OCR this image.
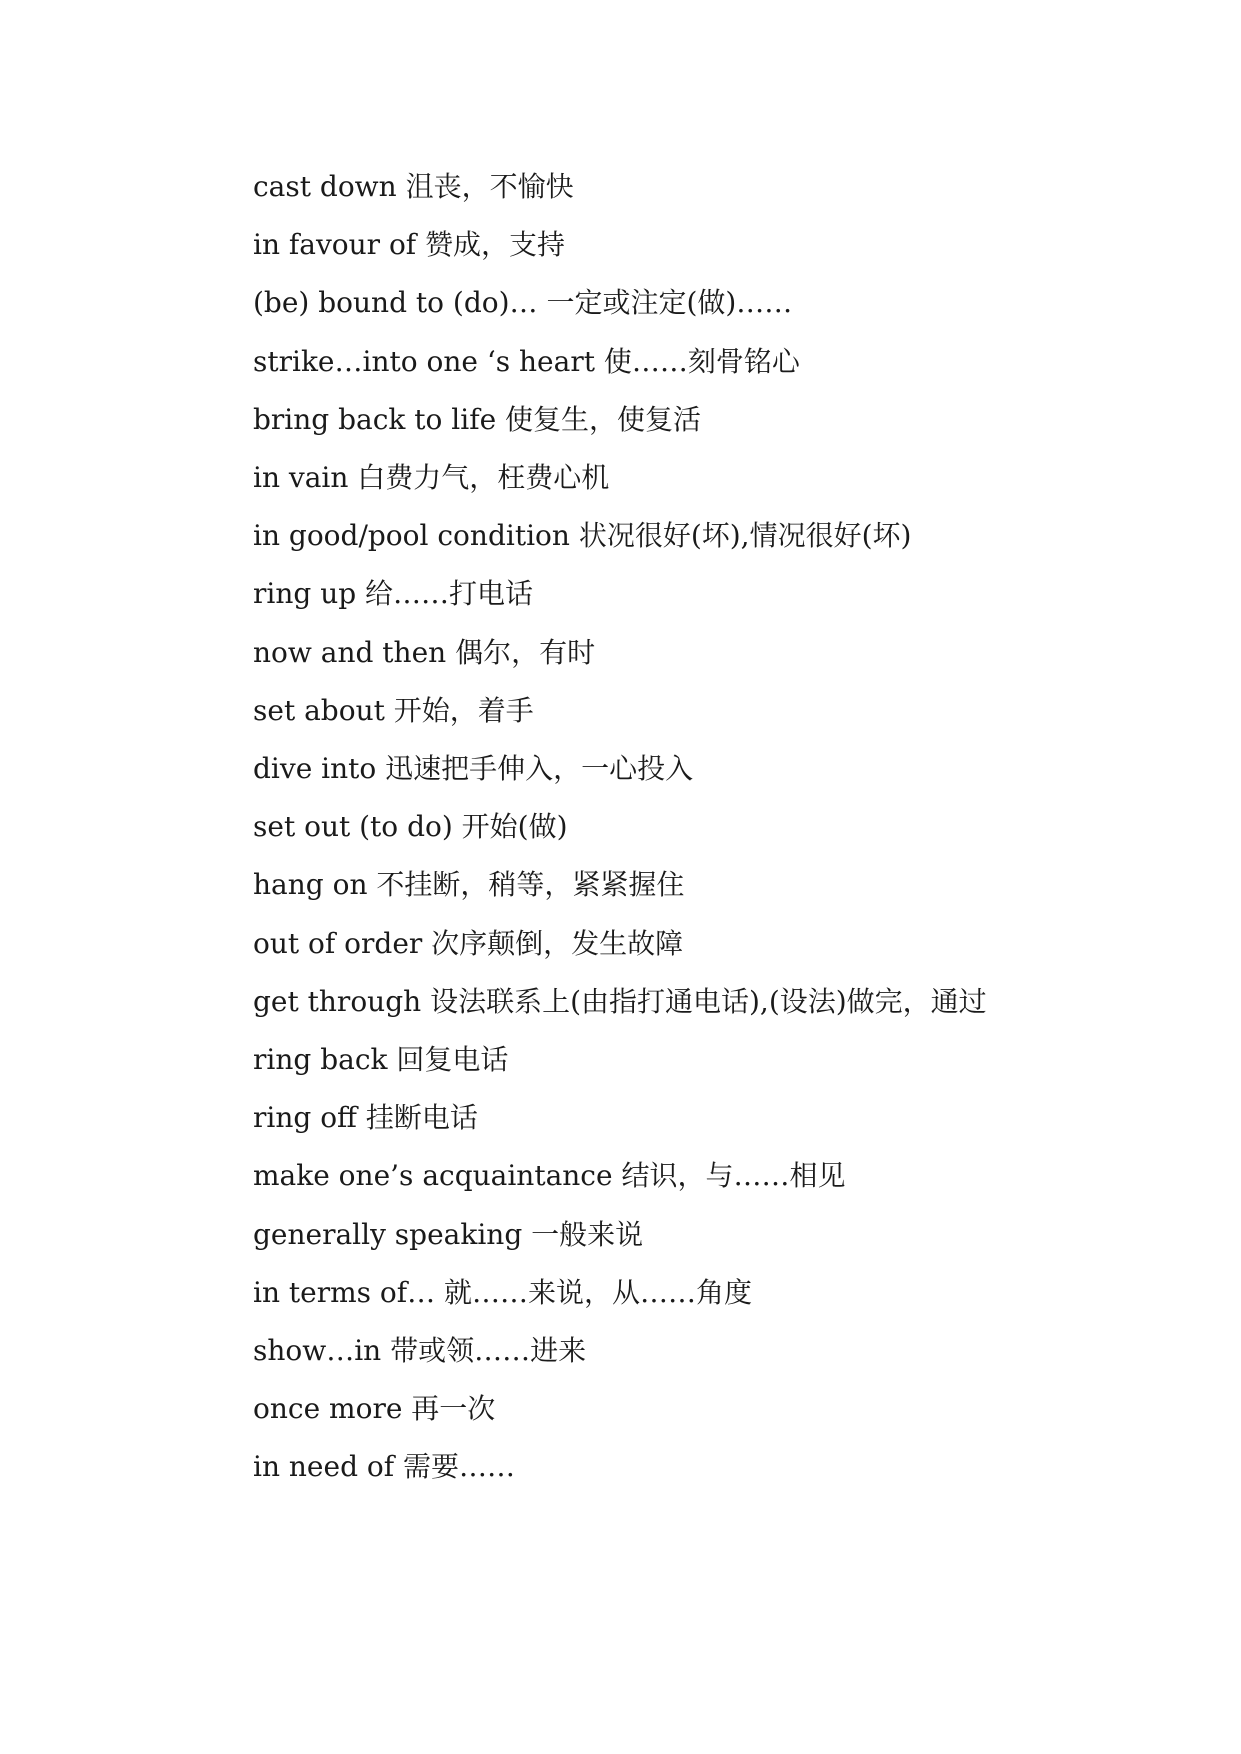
cast down 沮丧，不愉快
in favour of 赞成，支持
(be) bound to (do)… 一定或注定(做)……
strike…into one ‘s heart 使……刻骨铭心
bring back to life 使复生，使复活
in vain 白费力气，枉费心机
in good/pool condition 状况很好(坏),情况很好(坏)
ring up 给……打电话
now and then 偶尔，有时
set about 开始，着手
dive into 迅速把手伸入，一心投入
set out (to do) 开始(做)
hang on 不挂断，稍等，紧紧握住
out of order 次序颠倒，发生故障
get through 设法联系上(由指打通电话),(设法)做完，通过
ring back 回复电话
ring off 挂断电话
make one’s acquaintance 结识，与……相见
generally speaking 一般来说
in terms of… 就……来说，从……角度
show…in 带或领……进来
once more 再一次
in need of 需要……
